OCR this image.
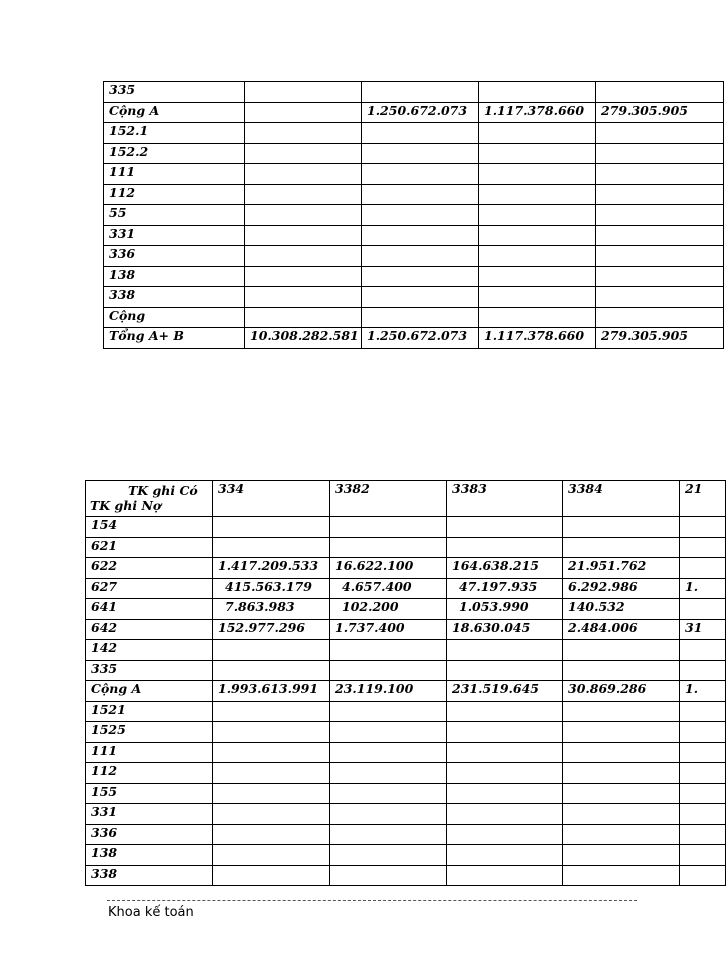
335				
Cộng A		1.250.672.073	1.117.378.660	279.305.905
152.1				
152.2				
111				
112				
55				
331				
336				
138				
338				
Cộng				
Tổng A+ B	10.308.282.581	1.250.672.073	1.117.378.660	279.305.905
TK ghi Có
TK ghi Nợ	334	3382	3383	3384	21
154					
621					
622	1.417.209.533	16.622.100	164.638.215	21.951.762	
627	415.563.179	4.657.400	47.197.935	6.292.986	1.
641	7.863.983	102.200	1.053.990	140.532	
642	152.977.296	1.737.400	18.630.045	2.484.006	31
142					
335					
Cộng A	1.993.613.991	23.119.100	231.519.645	30.869.286	1.
1521					
1525					
111					
112					
155					
331					
336					
138					
338					
Khoa kế toán
